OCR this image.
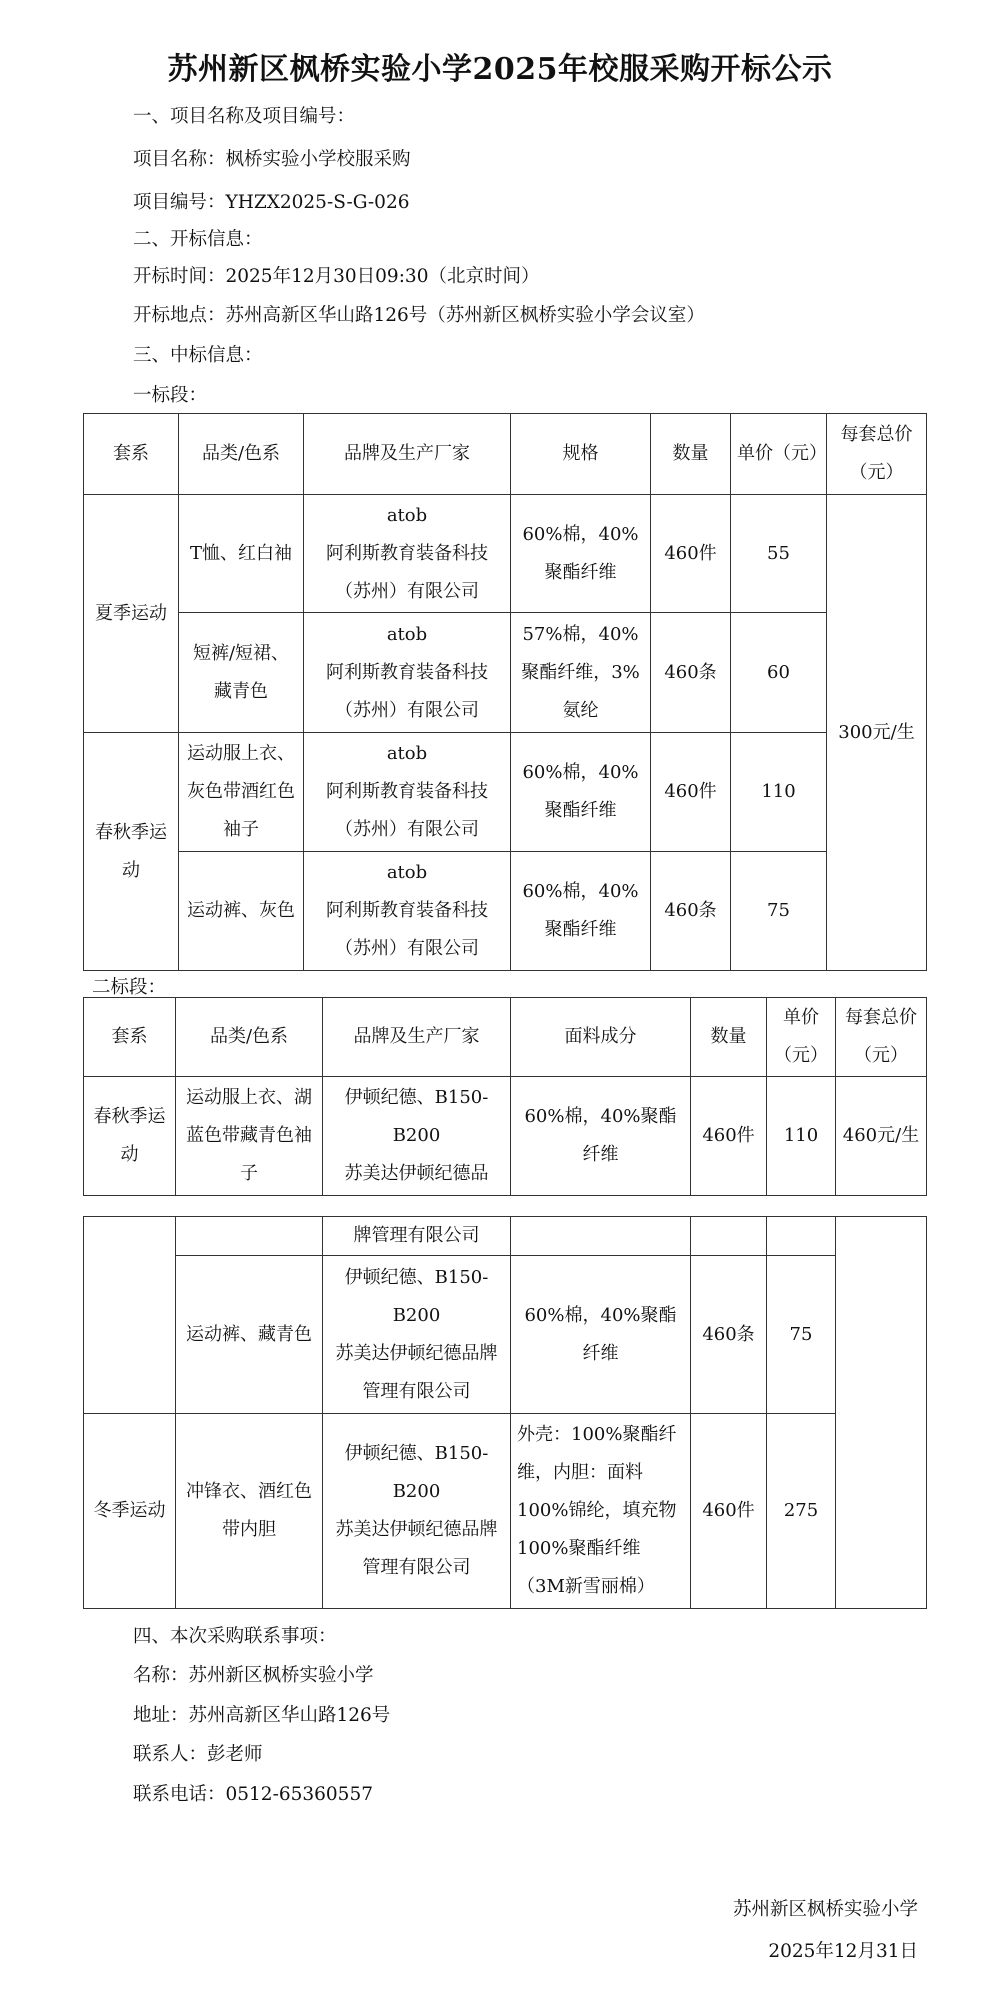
苏州新区枫桥实验小学2025年校服采购开标公示

一、项目名称及项目编号：

项目名称：枫桥实验小学校服采购

项目编号：YHZX2025-S-G-026

二、开标信息：

开标时间：2025年12月30日09:30（北京时间）

开标地点：苏州高新区华山路126号（苏州新区枫桥实验小学会议室）

三、中标信息：

一标段：

套系	品类/色系	品牌及生产厂家	规格	数量	单价（元）	每套总价（元）
夏季运动	T恤、红白袖	atob
阿利斯教育装备科技（苏州）有限公司	60%棉，40%聚酯纤维	460件	55	300元/生
	短裤/短裙、藏青色	atob
阿利斯教育装备科技（苏州）有限公司	57%棉，40%聚酯纤维，3%氨纶	460条	60	
春秋季运动	运动服上衣、灰色带酒红色袖子	atob
阿利斯教育装备科技（苏州）有限公司	60%棉，40%聚酯纤维	460件	110	
	运动裤、灰色	atob
阿利斯教育装备科技（苏州）有限公司	60%棉，40%聚酯纤维	460条	75	

二标段：

套系	品类/色系	品牌及生产厂家	面料成分	数量	单价（元）	每套总价（元）
春秋季运动	运动服上衣、湖蓝色带藏青色袖子	伊顿纪德、B150-B200
苏美达伊顿纪德品	60%棉，40%聚酯纤维	460件	110	460元/生
		牌管理有限公司				
	运动裤、藏青色	伊顿纪德、B150-B200
苏美达伊顿纪德品牌管理有限公司	60%棉，40%聚酯纤维	460条	75	
冬季运动	冲锋衣、酒红色带内胆	伊顿纪德、B150-B200
苏美达伊顿纪德品牌管理有限公司	外壳：100%聚酯纤维，内胆：面料100%锦纶，填充物100%聚酯纤维（3M新雪丽棉）	460件	275	

四、本次采购联系事项：

名称：苏州新区枫桥实验小学

地址：苏州高新区华山路126号

联系人：彭老师

联系电话：0512-65360557

苏州新区枫桥实验小学

2025年12月31日
